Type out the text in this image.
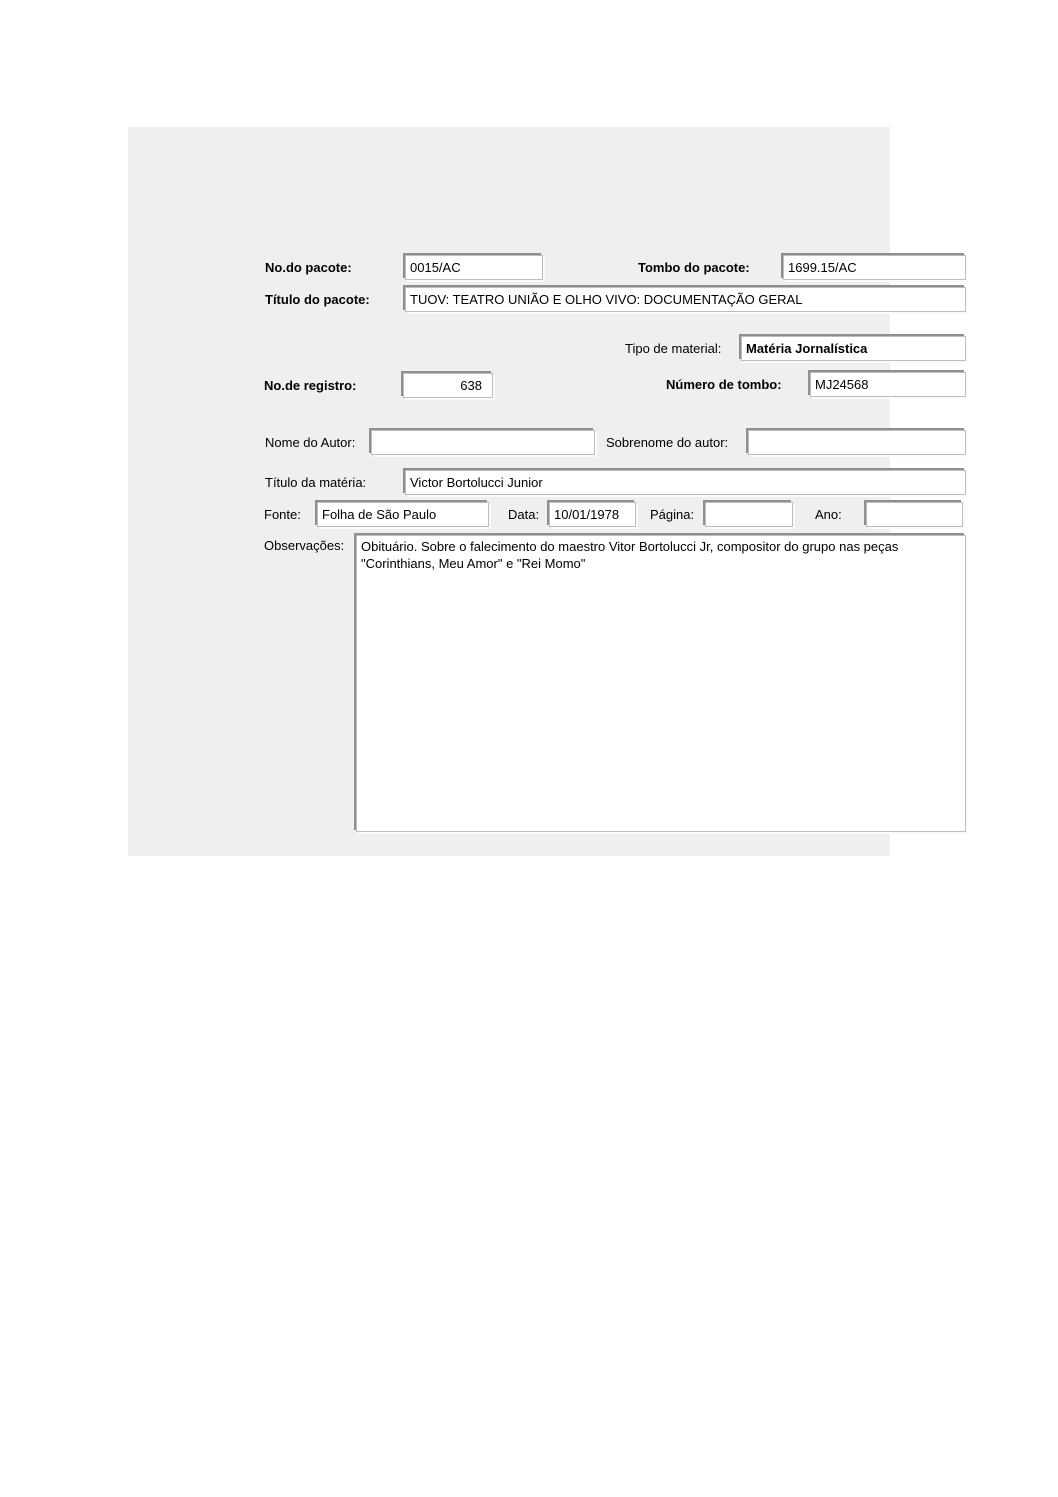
No.do pacote:
0015/AC	Tombo do pacote:
1699.15/AC
Título do pacote:
TUOV: TEATRO UNIÃO E OLHO VIVO: DOCUMENTAÇÃO GERAL
Tipo de material:
Matéria Jornalística
No.de registro:
638	Número de tombo:
MJ24568
Nome do Autor:	Sobrenome do autor:
Título da matéria:
Victor Bortolucci Junior
Fonte:
Folha de São Paulo	Data:
10/01/1978	Página:	Ano:
Observações:
Obituário. Sobre o falecimento do maestro Vitor Bortolucci Jr, compositor do grupo nas peças "Corinthians, Meu Amor" e "Rei Momo"
